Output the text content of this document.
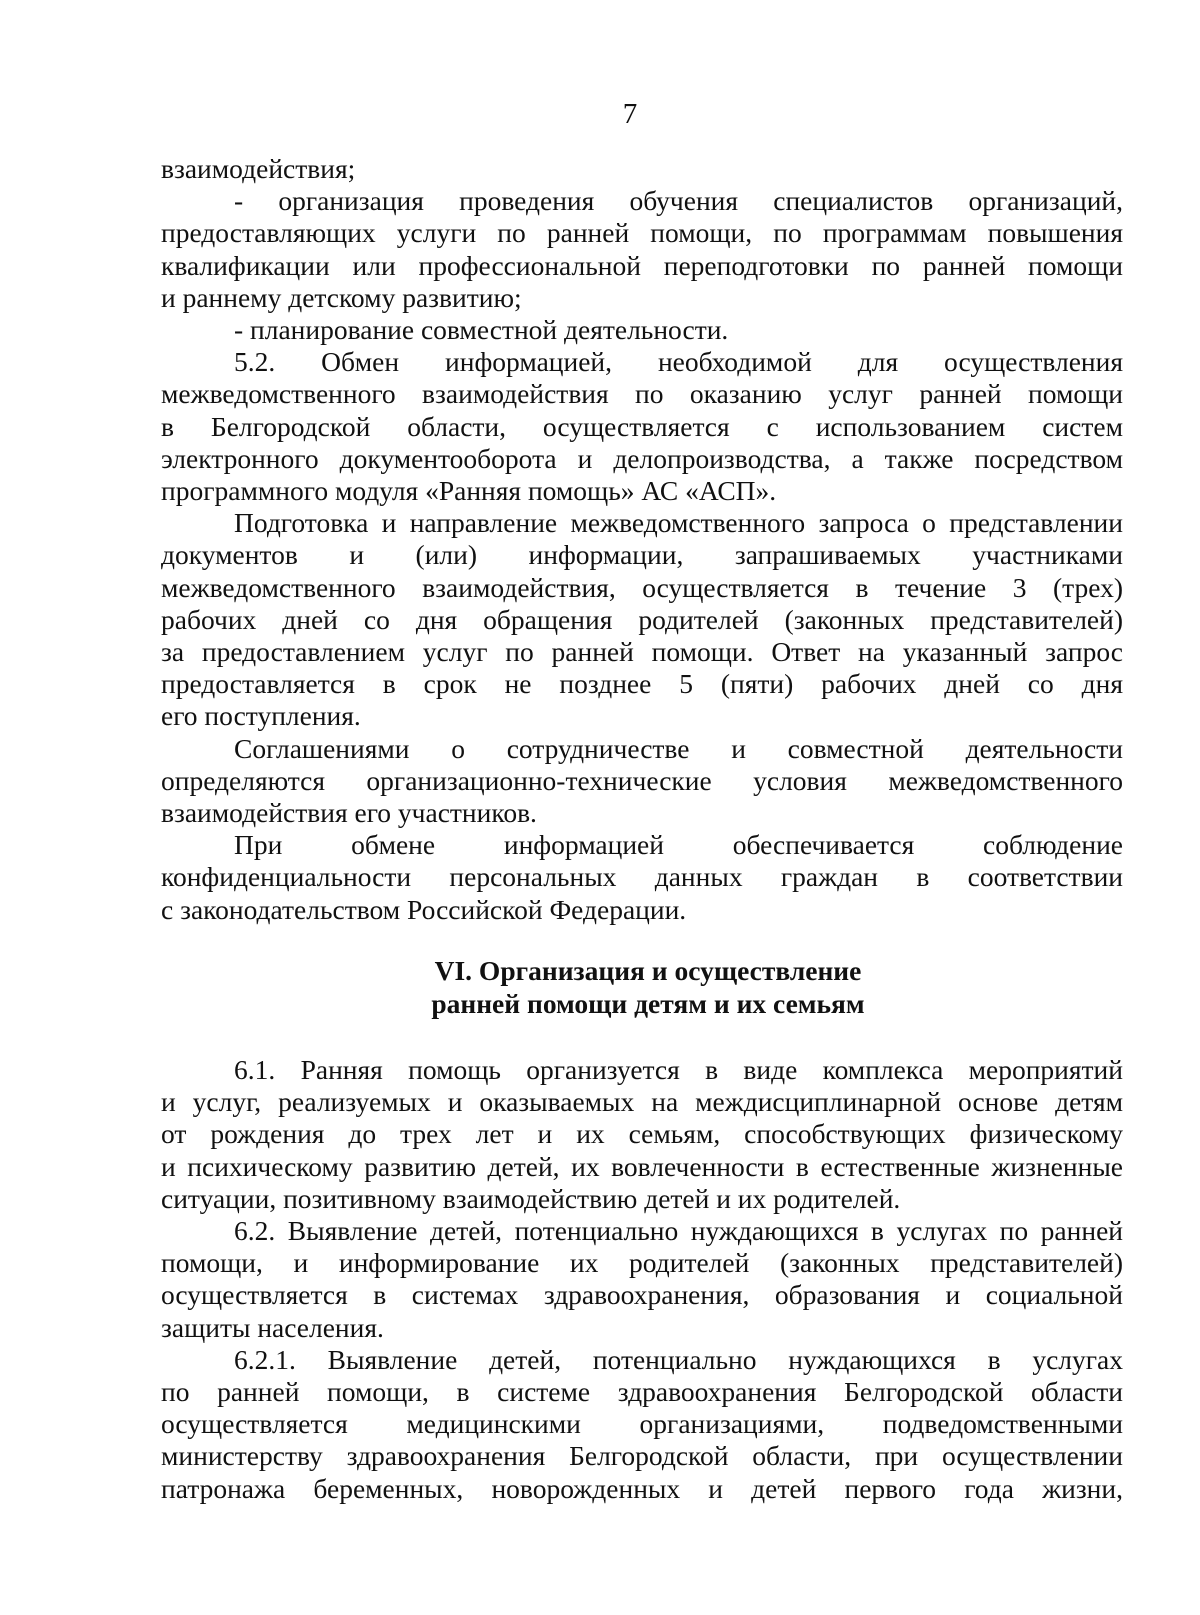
7

взаимодействия;

- организация проведения обучения специалистов организаций,

предоставляющих услуги по ранней помощи, по программам повышения

квалификации или профессиональной переподготовки по ранней помощи

и раннему детскому развитию;

- планирование совместной деятельности.

5.2. Обмен информацией, необходимой для осуществления

межведомственного взаимодействия по оказанию услуг ранней помощи

в Белгородской области, осуществляется с использованием систем

электронного документооборота и делопроизводства, а также посредством

программного модуля «Ранняя помощь» АС «АСП».

Подготовка и направление межведомственного запроса о представлении

документов и (или) информации, запрашиваемых участниками

межведомственного взаимодействия, осуществляется в течение 3 (трех)

рабочих дней со дня обращения родителей (законных представителей)

за предоставлением услуг по ранней помощи. Ответ на указанный запрос

предоставляется в срок не позднее 5 (пяти) рабочих дней со дня

его поступления.

Соглашениями о сотрудничестве и совместной деятельности

определяются организационно-технические условия межведомственного

взаимодействия его участников.

При обмене информацией обеспечивается соблюдение

конфиденциальности персональных данных граждан в соответствии

с законодательством Российской Федерации.

VI. Организация и осуществление
ранней помощи детям и их семьям

6.1. Ранняя помощь организуется в виде комплекса мероприятий

и услуг, реализуемых и оказываемых на междисциплинарной основе детям

от рождения до трех лет и их семьям, способствующих физическому

и психическому развитию детей, их вовлеченности в естественные жизненные

ситуации, позитивному взаимодействию детей и их родителей.

6.2. Выявление детей, потенциально нуждающихся в услугах по ранней

помощи, и информирование их родителей (законных представителей)

осуществляется в системах здравоохранения, образования и социальной

защиты населения.

6.2.1. Выявление детей, потенциально нуждающихся в услугах

по ранней помощи, в системе здравоохранения Белгородской области

осуществляется медицинскими организациями, подведомственными

министерству здравоохранения Белгородской области, при осуществлении

патронажа беременных, новорожденных и детей первого года жизни,
